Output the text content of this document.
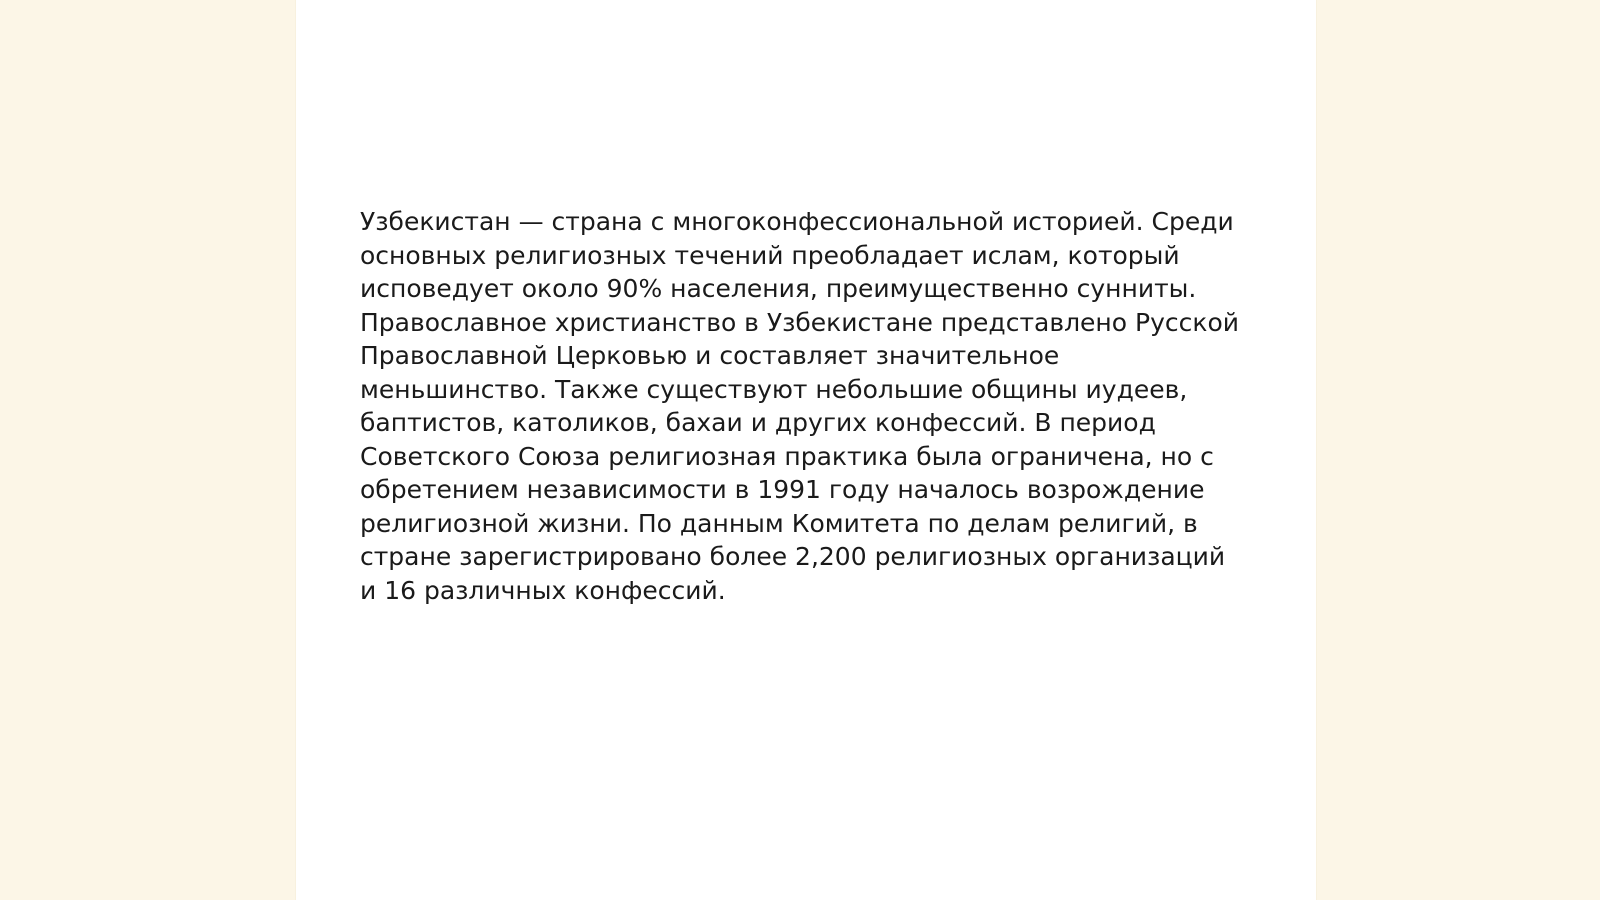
Узбекистан — страна с многоконфессиональной историей. Среди основных религиозных течений преобладает ислам, который исповедует около 90% населения, преимущественно сунниты. Православное христианство в Узбекистане представлено Русской Православной Церковью и составляет значительное меньшинство. Также существуют небольшие общины иудеев, баптистов, католиков, бахаи и других конфессий. В период Советского Союза религиозная практика была ограничена, но с обретением независимости в 1991 году началось возрождение религиозной жизни. По данным Комитета по делам религий, в стране зарегистрировано более 2,200 религиозных организаций и 16 различных конфессий.
